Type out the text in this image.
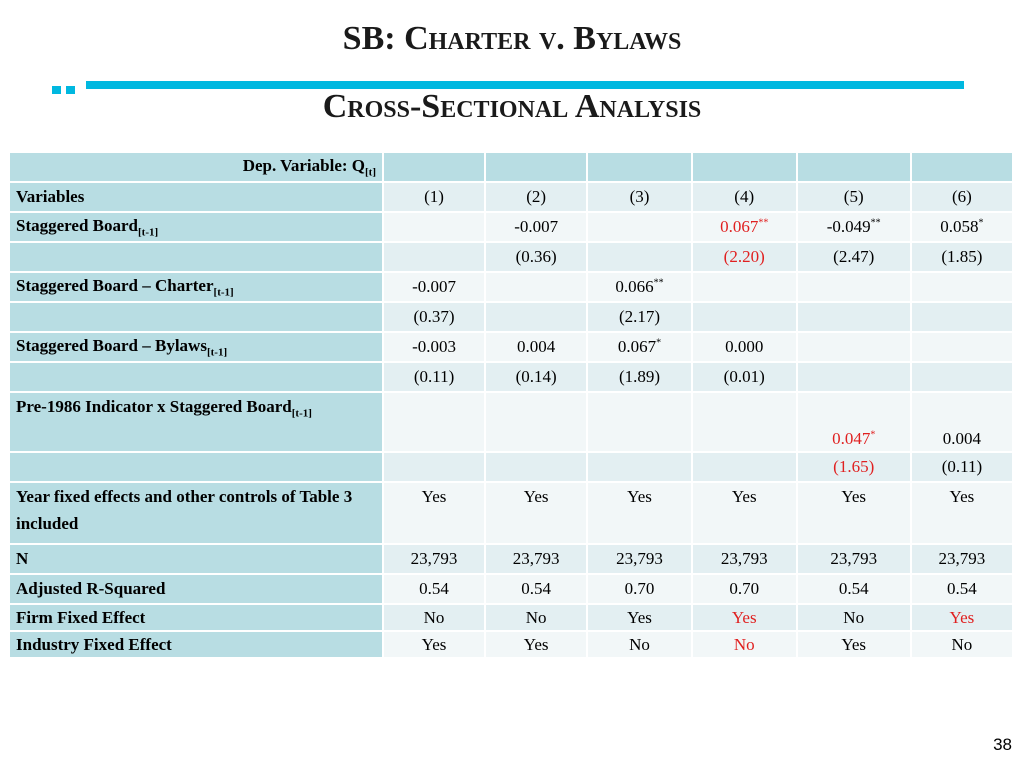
SB: Charter v. Bylaws
Cross-Sectional Analysis
Dep. Variable: $Q_{[t]}$						
Variables	(1)	(2)	(3)	(4)	(5)	(6)
Staggered Board$_{[t-1]}$		-0.007		0.067**	-0.049**	0.058*
		(0.36)		(2.20)	(2.47)	(1.85)
Staggered Board – Charter$_{[t-1]}$	-0.007		0.066**			
	(0.37)		(2.17)			
Staggered Board – Bylaws$_{[t-1]}$	-0.003	0.004	0.067*	0.000		
	(0.11)	(0.14)	(1.89)	(0.01)		
Pre-1986 Indicator x Staggered Board$_{[t-1]}$					0.047*	0.004
					(1.65)	(0.11)
Year fixed effects and other controls of Table 3 included	Yes	Yes	Yes	Yes	Yes	Yes
N	23,793	23,793	23,793	23,793	23,793	23,793
Adjusted R-Squared	0.54	0.54	0.70	0.70	0.54	0.54
Firm Fixed Effect	No	No	Yes	Yes	No	Yes
Industry Fixed Effect	Yes	Yes	No	No	Yes	No
38
